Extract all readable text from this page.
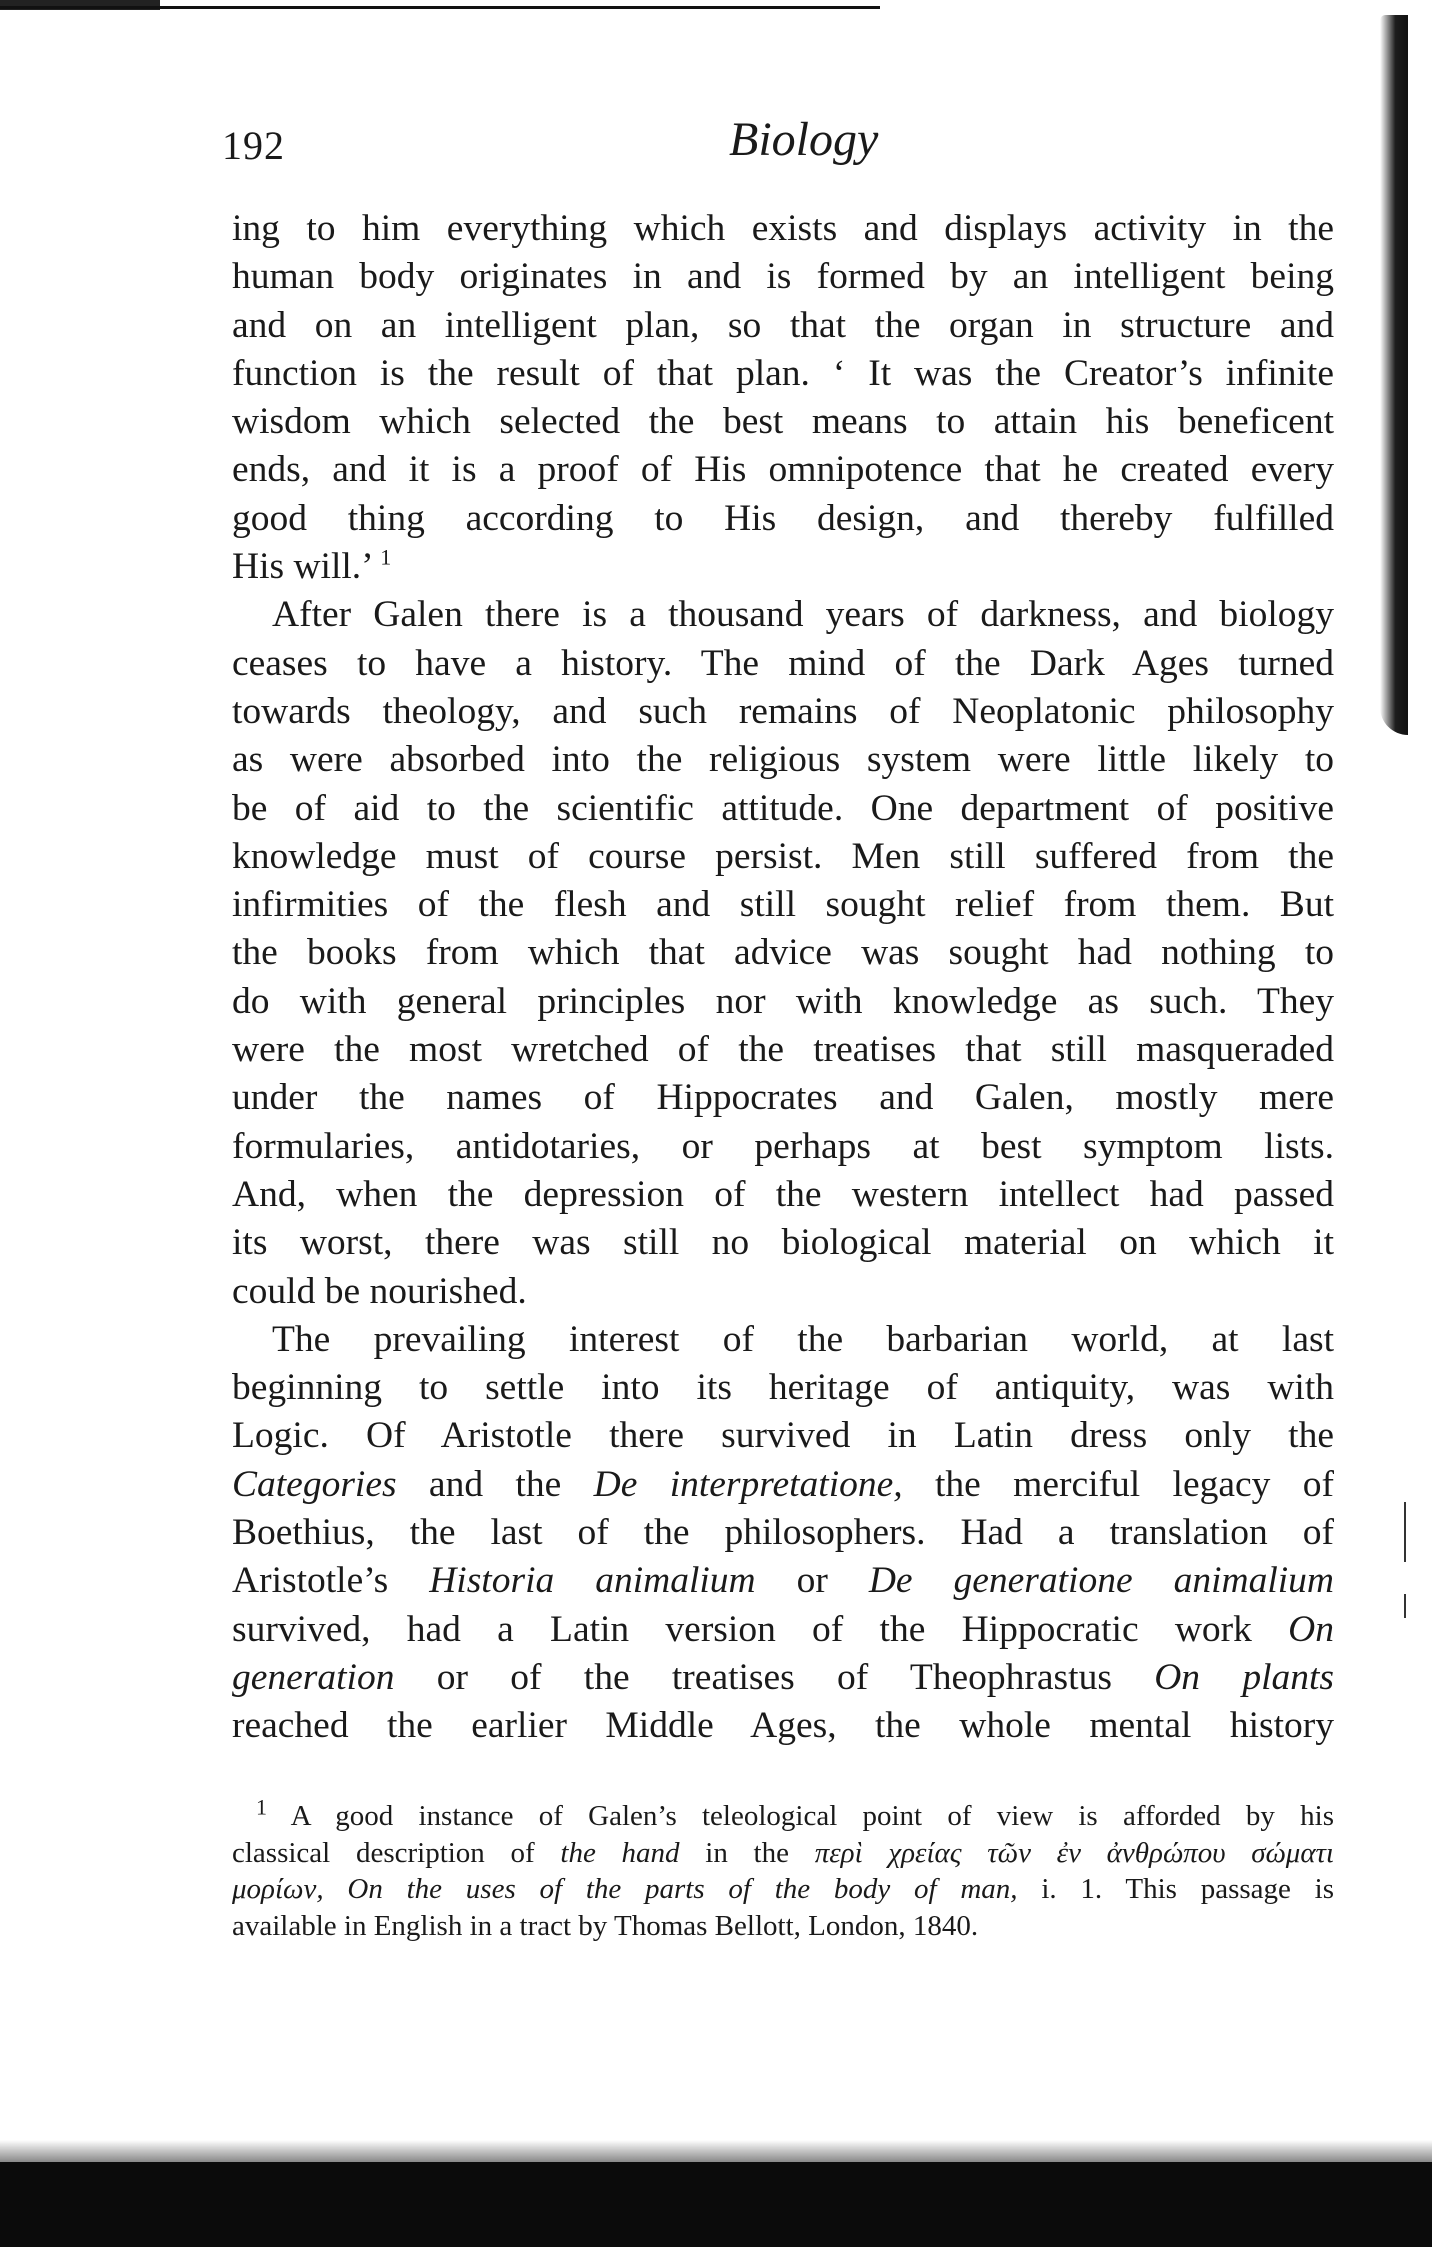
192	Biology
ing to him everything which exists and displays activity in the
human body originates in and is formed by an intelligent being
and on an intelligent plan, so that the organ in structure and
function is the result of that plan. ‘ It was the Creator’s infinite
wisdom which selected the best means to attain his beneficent
ends, and it is a proof of His omnipotence that he created every
good thing according to His design, and thereby fulfilled
His will.’ $^1$
After Galen there is a thousand years of darkness, and biology
ceases to have a history. The mind of the Dark Ages turned
towards theology, and such remains of Neoplatonic philosophy
as were absorbed into the religious system were little likely to
be of aid to the scientific attitude. One department of positive
knowledge must of course persist. Men still suffered from the
infirmities of the flesh and still sought relief from them. But
the books from which that advice was sought had nothing to
do with general principles nor with knowledge as such. They
were the most wretched of the treatises that still masqueraded
under the names of Hippocrates and Galen, mostly mere
formularies, antidotaries, or perhaps at best symptom lists.
And, when the depression of the western intellect had passed
its worst, there was still no biological material on which it
could be nourished.
The prevailing interest of the barbarian world, at last
beginning to settle into its heritage of antiquity, was with
Logic. Of Aristotle there survived in Latin dress only the
Categories and the De interpretatione, the merciful legacy of
Boethius, the last of the philosophers. Had a translation of
Aristotle’s Historia animalium or De generatione animalium
survived, had a Latin version of the Hippocratic work On
generation or of the treatises of Theophrastus On plants
reached the earlier Middle Ages, the whole mental history
$^1$ A good instance of Galen’s teleological point of view is afforded by his
classical description of the hand in the περὶ χρείας τῶν ἐν ἀνθρώπου σώματι
μορίων, On the uses of the parts of the body of man, i. 1. This passage is
available in English in a tract by Thomas Bellott, London, 1840.
